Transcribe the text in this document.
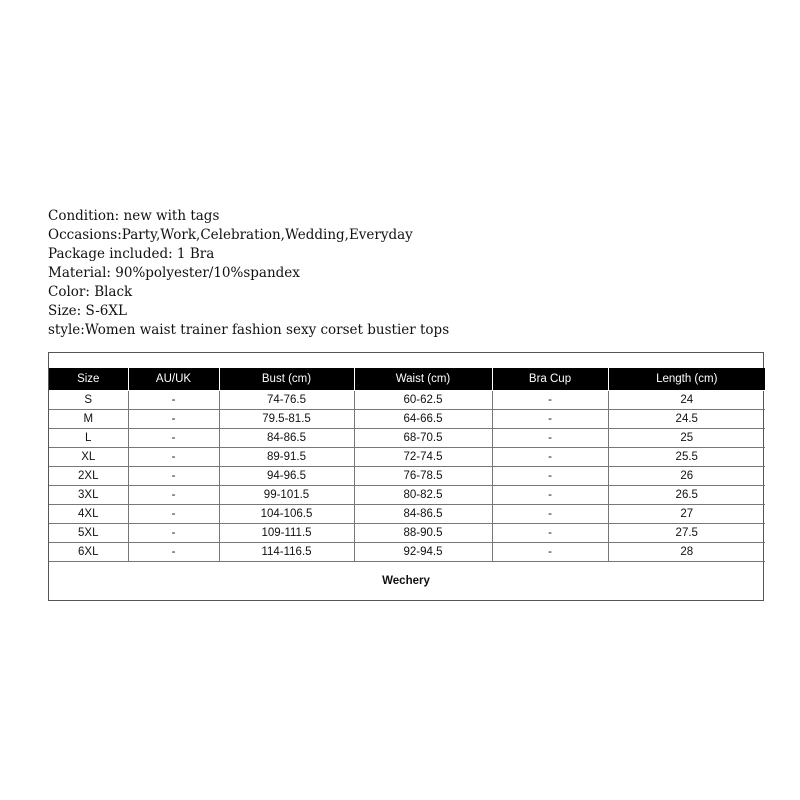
Condition: new with tags
Occasions:Party,Work,Celebration,Wedding,Everyday
Package included: 1 Bra
Material: 90%polyester/10%spandex
Color: Black
Size: S-6XL
style:Women waist trainer fashion sexy corset bustier tops
Size	AU/UK	Bust (cm)	Waist (cm)	Bra Cup	Length (cm)
S	-	74-76.5	60-62.5	-	24
M	-	79.5-81.5	64-66.5	-	24.5
L	-	84-86.5	68-70.5	-	25
XL	-	89-91.5	72-74.5	-	25.5
2XL	-	94-96.5	76-78.5	-	26
3XL	-	99-101.5	80-82.5	-	26.5
4XL	-	104-106.5	84-86.5	-	27
5XL	-	109-111.5	88-90.5	-	27.5
6XL	-	114-116.5	92-94.5	-	28
Wechery
